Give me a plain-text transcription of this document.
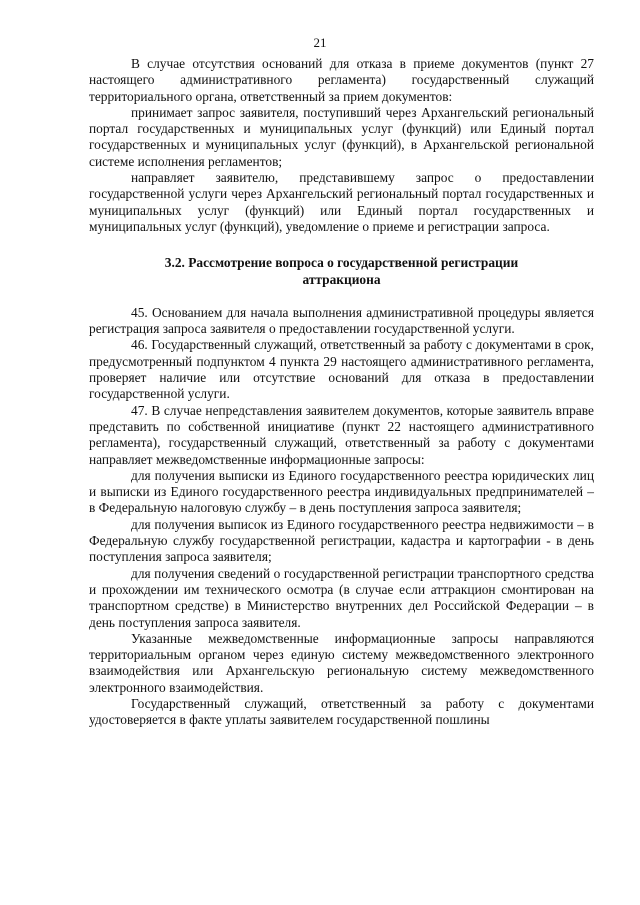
21

В случае отсутствия оснований для отказа в приеме документов (пункт 27 настоящего административного регламента) государственный служащий территориального органа, ответственный за прием документов:

принимает запрос заявителя, поступивший через Архангельский региональный портал государственных и муниципальных услуг (функций) или Единый портал государственных и муниципальных услуг (функций), в Архангельской региональной системе исполнения регламентов;

направляет заявителю, представившему запрос о предоставлении государственной услуги через Архангельский региональный портал государственных и муниципальных услуг (функций) или Единый портал государственных и муниципальных услуг (функций), уведомление о приеме и регистрации запроса.

3.2. Рассмотрение вопроса о государственной регистрации
аттракциона

45. Основанием для начала выполнения административной процедуры является регистрация запроса заявителя о предоставлении государственной услуги.

46. Государственный служащий, ответственный за работу с документами в срок, предусмотренный подпунктом 4 пункта 29 настоящего административного регламента, проверяет наличие или отсутствие оснований для отказа в предоставлении государственной услуги.

47. В случае непредставления заявителем документов, которые заявитель вправе представить по собственной инициативе (пункт 22 настоящего административного регламента), государственный служащий, ответственный за работу с документами направляет межведомственные информационные запросы:

для получения выписки из Единого государственного реестра юридических лиц и выписки из Единого государственного реестра индивидуальных предпринимателей – в Федеральную налоговую службу – в день поступления запроса заявителя;

для получения выписок из Единого государственного реестра недвижимости – в Федеральную службу государственной регистрации, кадастра и картографии - в день поступления запроса заявителя;

для получения сведений о государственной регистрации транспортного средства и прохождении им технического осмотра (в случае если аттракцион смонтирован на транспортном средстве) в Министерство внутренних дел Российской Федерации – в день поступления запроса заявителя.

Указанные межведомственные информационные запросы направляются территориальным органом через единую систему межведомственного электронного взаимодействия или Архангельскую региональную систему межведомственного электронного взаимодействия.

Государственный служащий, ответственный за работу с документами удостоверяется в факте уплаты заявителем государственной пошлины
